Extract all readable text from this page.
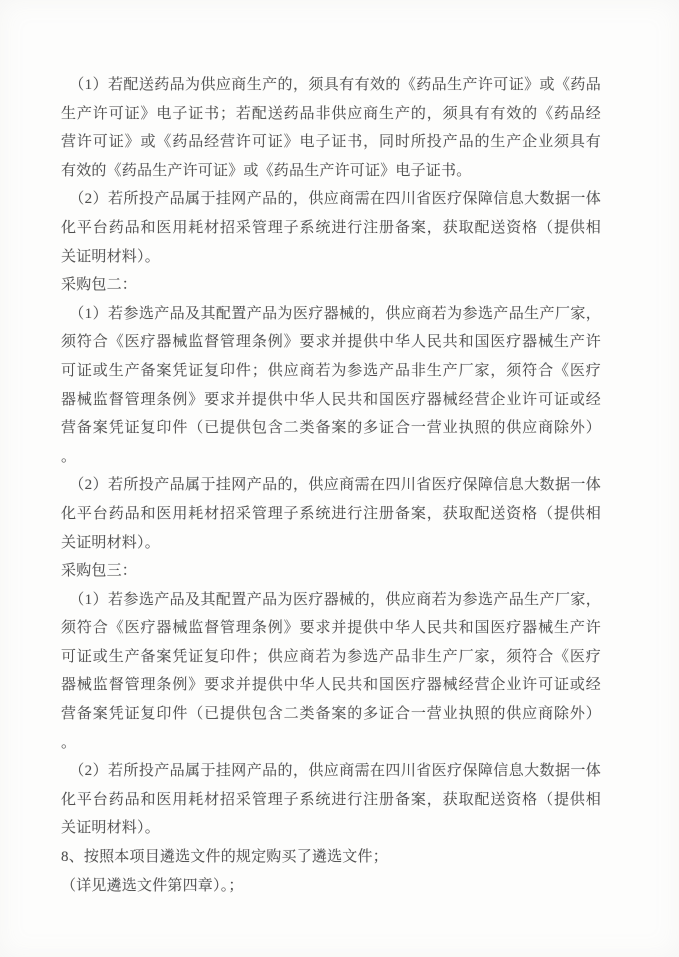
（1）若配送药品为供应商生产的，须具有有效的《药品生产许可证》或《药品
生产许可证》电子证书；若配送药品非供应商生产的，须具有有效的《药品经
营许可证》或《药品经营许可证》电子证书，同时所投产品的生产企业须具有
有效的《药品生产许可证》或《药品生产许可证》电子证书。

（2）若所投产品属于挂网产品的，供应商需在四川省医疗保障信息大数据一体
化平台药品和医用耗材招采管理子系统进行注册备案，获取配送资格（提供相
关证明材料）。

采购包二：

（1）若参选产品及其配置产品为医疗器械的，供应商若为参选产品生产厂家，
须符合《医疗器械监督管理条例》要求并提供中华人民共和国医疗器械生产许
可证或生产备案凭证复印件；供应商若为参选产品非生产厂家，须符合《医疗
器械监督管理条例》要求并提供中华人民共和国医疗器械经营企业许可证或经
营备案凭证复印件（已提供包含二类备案的多证合一营业执照的供应商除外）
。

（2）若所投产品属于挂网产品的，供应商需在四川省医疗保障信息大数据一体
化平台药品和医用耗材招采管理子系统进行注册备案，获取配送资格（提供相
关证明材料）。

采购包三：

（1）若参选产品及其配置产品为医疗器械的，供应商若为参选产品生产厂家，
须符合《医疗器械监督管理条例》要求并提供中华人民共和国医疗器械生产许
可证或生产备案凭证复印件；供应商若为参选产品非生产厂家，须符合《医疗
器械监督管理条例》要求并提供中华人民共和国医疗器械经营企业许可证或经
营备案凭证复印件（已提供包含二类备案的多证合一营业执照的供应商除外）
。

（2）若所投产品属于挂网产品的，供应商需在四川省医疗保障信息大数据一体
化平台药品和医用耗材招采管理子系统进行注册备案，获取配送资格（提供相
关证明材料）。

8、按照本项目遴选文件的规定购买了遴选文件；

（详见遴选文件第四章）。；
